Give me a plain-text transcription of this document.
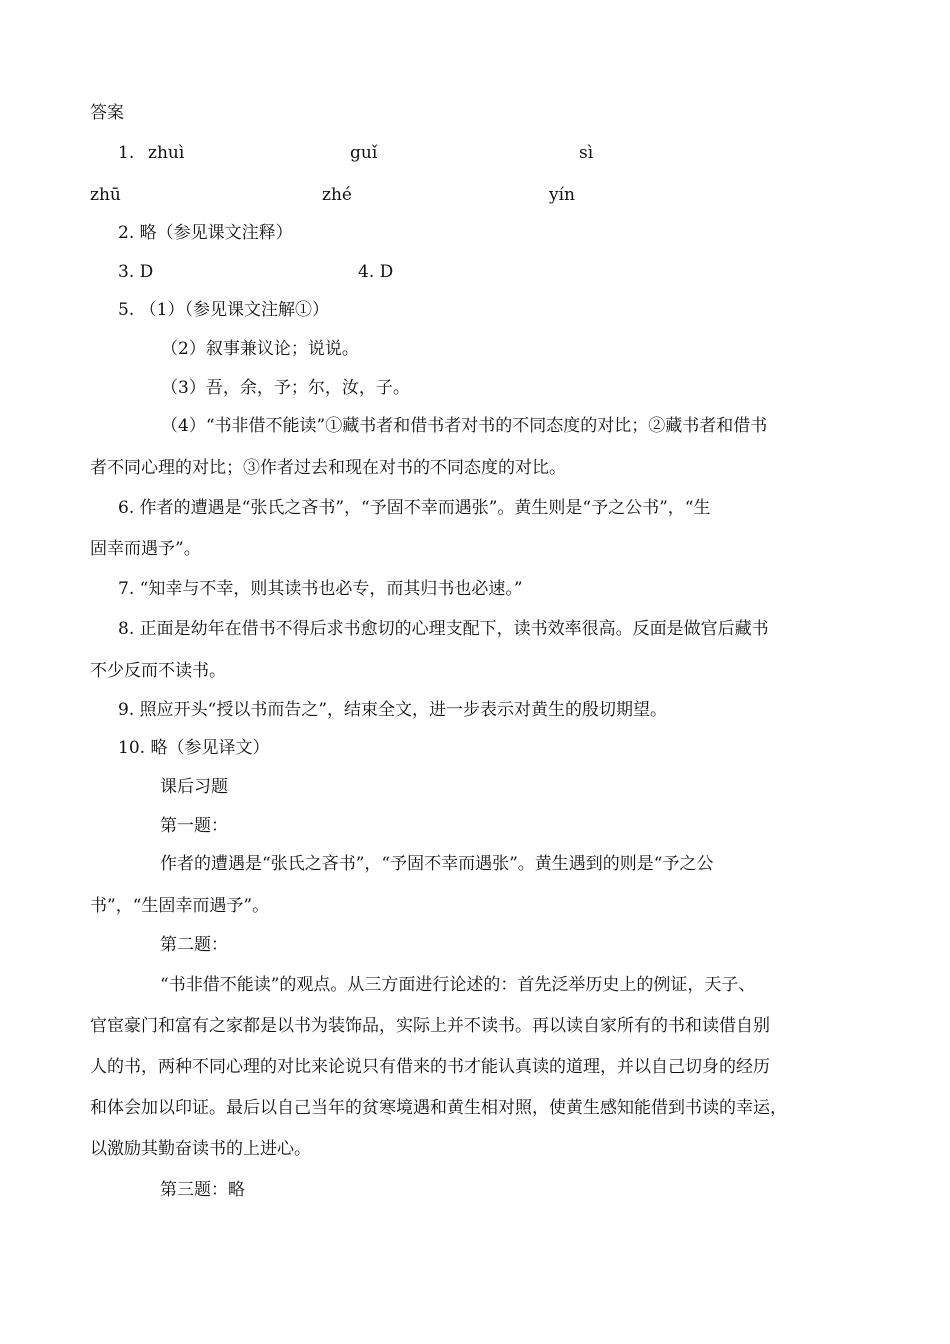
答案
1. zhuì	guǐ	sì
zhū	zhé	yín
2. 略（参见课文注释）
3. D	4. D
5. （1）（参见课文注解①）
（2）叙事兼议论；说说。
（3）吾，余，予；尔，汝，子。
（4）“书非借不能读”①藏书者和借书者对书的不同态度的对比；②藏书者和借书
者不同心理的对比；③作者过去和现在对书的不同态度的对比。
6. 作者的遭遇是“张氏之吝书”，“予固不幸而遇张”。黄生则是“予之公书”，“生
固幸而遇予”。
7. “知幸与不幸，则其读书也必专，而其归书也必速。”
8. 正面是幼年在借书不得后求书愈切的心理支配下，读书效率很高。反面是做官后藏书
不少反而不读书。
9. 照应开头“授以书而告之”，结束全文，进一步表示对黄生的殷切期望。
10. 略（参见译文）
课后习题
第一题：
作者的遭遇是“张氏之吝书”，“予固不幸而遇张”。黄生遇到的则是“予之公
书”，“生固幸而遇予”。
第二题：
“书非借不能读”的观点。从三方面进行论述的：首先泛举历史上的例证，天子、
官宦豪门和富有之家都是以书为装饰品，实际上并不读书。再以读自家所有的书和读借自别
人的书，两种不同心理的对比来论说只有借来的书才能认真读的道理，并以自己切身的经历
和体会加以印证。最后以自己当年的贫寒境遇和黄生相对照，使黄生感知能借到书读的幸运，
以激励其勤奋读书的上进心。
第三题：略
